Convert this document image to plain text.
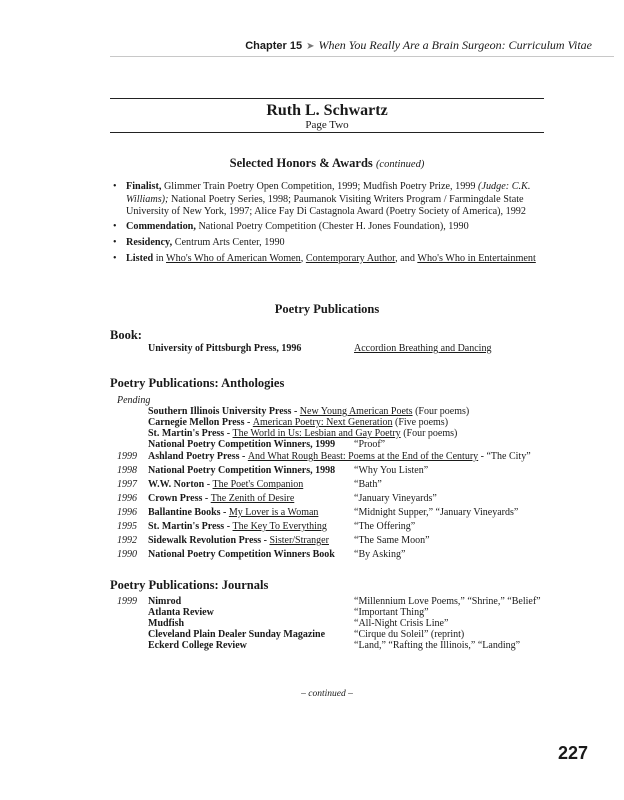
Chapter 15 ➤ When You Really Are a Brain Surgeon: Curriculum Vitae
Ruth L. Schwartz
Page Two
Selected Honors & Awards (continued)
• Finalist, Glimmer Train Poetry Open Competition, 1999; Mudfish Poetry Prize, 1999 (Judge: C.K. Williams); National Poetry Series, 1998; Paumanok Visiting Writers Program / Farmingdale State University of New York, 1997; Alice Fay Di Castagnola Award (Poetry Society of America), 1992
• Commendation, National Poetry Competition (Chester H. Jones Foundation), 1990
• Residency, Centrum Arts Center, 1990
• Listed in Who's Who of American Women, Contemporary Author, and Who's Who in Entertainment
Poetry Publications
Book:
University of Pittsburgh Press, 1996	Accordion Breathing and Dancing
Poetry Publications: Anthologies
Pending
Southern Illinois University Press - New Young American Poets (Four poems)
Carnegie Mellon Press - American Poetry: Next Generation (Five poems)
St. Martin's Press - The World in Us: Lesbian and Gay Poetry (Four poems)
National Poetry Competition Winners, 1999 “Proof”
1999 Ashland Poetry Press - And What Rough Beast: Poems at the End of the Century - “The City”
1998 National Poetry Competition Winners, 1998 “Why You Listen”
1997 W.W. Norton - The Poet's Companion	“Bath”
1996 Crown Press - The Zenith of Desire	“January Vineyards”
1996 Ballantine Books - My Lover is a Woman	“Midnight Supper,” “January Vineyards”
1995 St. Martin's Press - The Key To Everything	“The Offering”
1992 Sidewalk Revolution Press - Sister/Stranger	“The Same Moon”
1990 National Poetry Competition Winners Book “By Asking”
Poetry Publications: Journals
1999 Nimrod	“Millennium Love Poems,” “Shrine,” “Belief”
Atlanta Review	“Important Thing”
Mudfish	“All-Night Crisis Line”
Cleveland Plain Dealer Sunday Magazine	“Cirque du Soleil” (reprint)
Eckerd College Review	“Land,” “Rafting the Illinois,” “Landing”
– continued –
227
